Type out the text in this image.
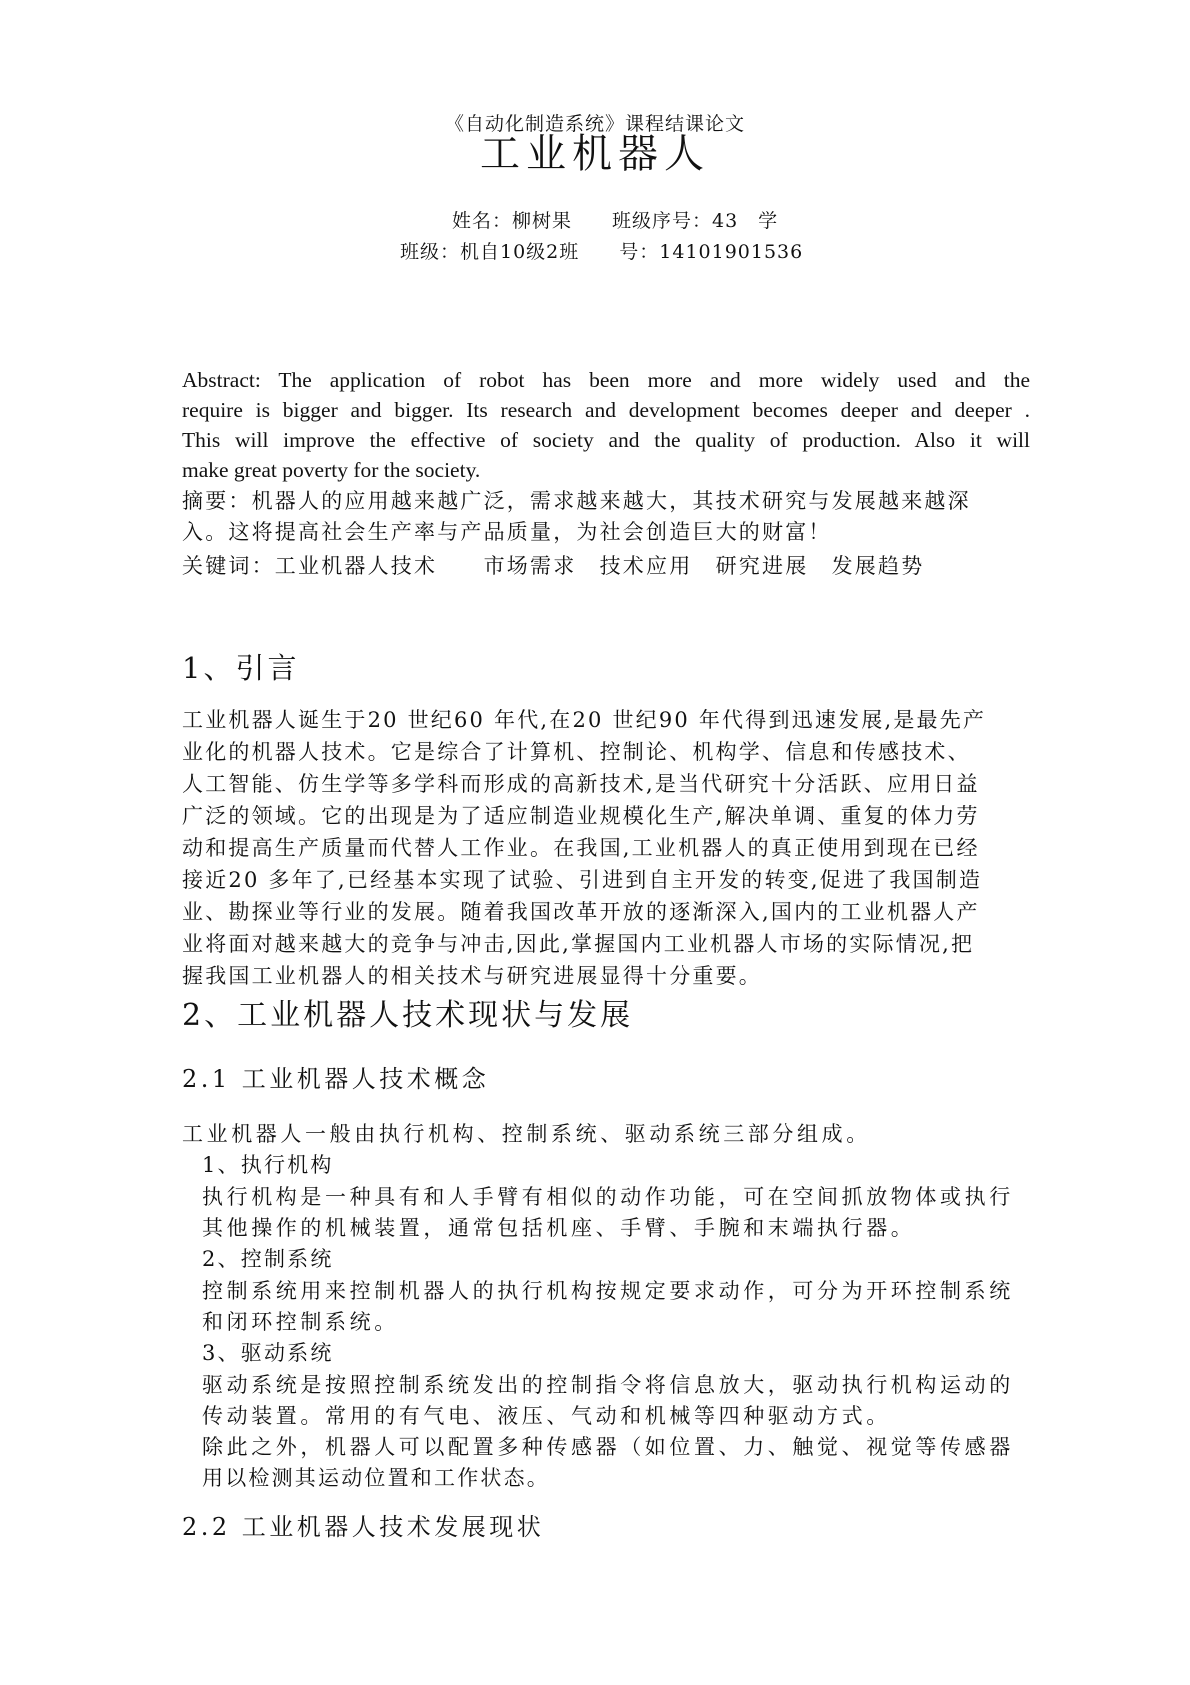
《自动化制造系统》课程结课论文

工业机器人

姓名：柳树果　　班级序号：43　学

班级：机自10级2班　　号：14101901536

Abstract: The application of robot has been more and more widely used and the
require is bigger and bigger. Its research and development becomes deeper and deeper .
This will improve the effective of society and the quality of production. Also it will
make great poverty for the society.

摘要：机器人的应用越来越广泛，需求越来越大，其技术研究与发展越来越深

入。这将提高社会生产率与产品质量，为社会创造巨大的财富！

关键词：工业机器人技术　　市场需求　技术应用　研究进展　发展趋势

1、引言

工业机器人诞生于20 世纪60 年代,在20 世纪90 年代得到迅速发展,是最先产

业化的机器人技术。它是综合了计算机、控制论、机构学、信息和传感技术、

人工智能、仿生学等多学科而形成的高新技术,是当代研究十分活跃、应用日益

广泛的领域。它的出现是为了适应制造业规模化生产,解决单调、重复的体力劳

动和提高生产质量而代替人工作业。在我国,工业机器人的真正使用到现在已经

接近20 多年了,已经基本实现了试验、引进到自主开发的转变,促进了我国制造

业、勘探业等行业的发展。随着我国改革开放的逐渐深入,国内的工业机器人产

业将面对越来越大的竞争与冲击,因此,掌握国内工业机器人市场的实际情况,把

握我国工业机器人的相关技术与研究进展显得十分重要。

2、工业机器人技术现状与发展

2.1 工业机器人技术概念

工业机器人一般由执行机构、控制系统、驱动系统三部分组成。

1、执行机构

执行机构是一种具有和人手臂有相似的动作功能，可在空间抓放物体或执行

其他操作的机械装置，通常包括机座、手臂、手腕和末端执行器。

2、控制系统

控制系统用来控制机器人的执行机构按规定要求动作，可分为开环控制系统

和闭环控制系统。

3、驱动系统

驱动系统是按照控制系统发出的控制指令将信息放大，驱动执行机构运动的

传动装置。常用的有气电、液压、气动和机械等四种驱动方式。

除此之外，机器人可以配置多种传感器（如位置、力、触觉、视觉等传感器

用以检测其运动位置和工作状态。

2.2 工业机器人技术发展现状
